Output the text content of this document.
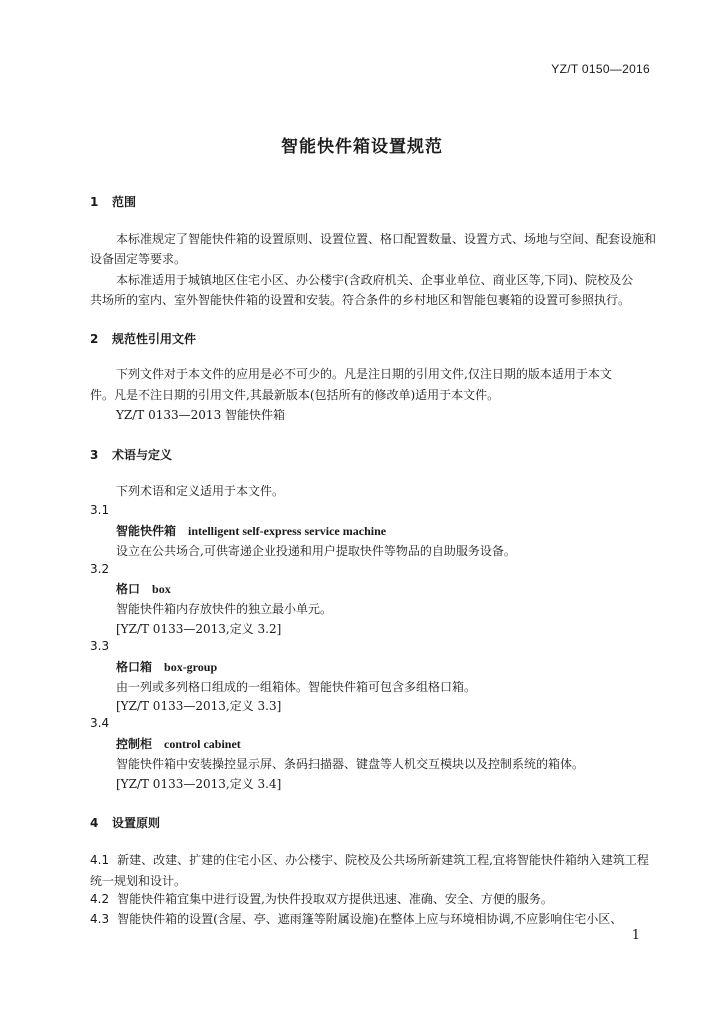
YZ/T 0150—2016
智能快件箱设置规范
1 范围
本标准规定了智能快件箱的设置原则、设置位置、格口配置数量、设置方式、场地与空间、配套设施和
设备固定等要求。
本标准适用于城镇地区住宅小区、办公楼宇(含政府机关、企事业单位、商业区等,下同)、院校及公
共场所的室内、室外智能快件箱的设置和安装。符合条件的乡村地区和智能包裹箱的设置可参照执行。
2 规范性引用文件
下列文件对于本文件的应用是必不可少的。凡是注日期的引用文件,仅注日期的版本适用于本文
件。凡是不注日期的引用文件,其最新版本(包括所有的修改单)适用于本文件。
YZ/T 0133—2013 智能快件箱
3 术语与定义
下列术语和定义适用于本文件。
3.1
智能快件箱 intelligent self-express service machine
设立在公共场合,可供寄递企业投递和用户提取快件等物品的自助服务设备。
3.2
格口 box
智能快件箱内存放快件的独立最小单元。
[YZ/T 0133—2013,定义 3.2]
3.3
格口箱 box-group
由一列或多列格口组成的一组箱体。智能快件箱可包含多组格口箱。
[YZ/T 0133—2013,定义 3.3]
3.4
控制柜 control cabinet
智能快件箱中安装操控显示屏、条码扫描器、键盘等人机交互模块以及控制系统的箱体。
[YZ/T 0133—2013,定义 3.4]
4 设置原则
4.1 新建、改建、扩建的住宅小区、办公楼宇、院校及公共场所新建筑工程,宜将智能快件箱纳入建筑工程
统一规划和设计。
4.2 智能快件箱宜集中进行设置,为快件投取双方提供迅速、准确、安全、方便的服务。
4.3 智能快件箱的设置(含屋、亭、遮雨篷等附属设施)在整体上应与环境相协调,不应影响住宅小区、
1
